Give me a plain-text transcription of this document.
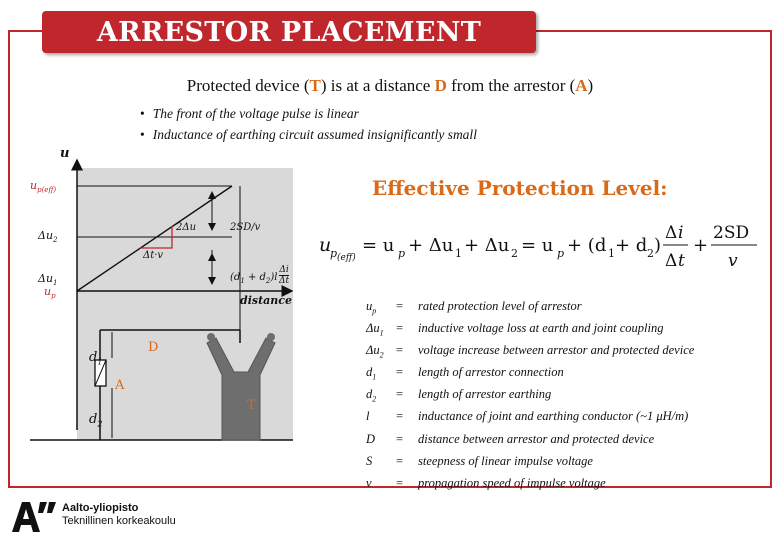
ARRESTOR PLACEMENT
Protected device (T) is at a distance D from the arrestor (A)
• The front of the voltage pulse is linear
• Inductance of earthing circuit assumed insignificantly small
u
$u_{p(eff)}$
$\Delta u_2$
2Δu	2SD/v
Δt·v
$\Delta u_1$
$u_p$
$(d_1 + d_2)l \frac{\Delta i}{\Delta t}$
distance
$d_1$
$d_2$
D
A
T
Effective Protection Level:
u
p (eff)
= u p + Δu 1 + Δu 2 = u p + (d 1 + d 2 )
Δ i
Δ t
+
2SD
v
$u_p$	=	rated protection level of arrestor
$\Delta u_1$ =	inductive voltage loss at earth and joint coupling
$\Delta u_2$ =	voltage increase between arrestor and protected device
$d_1$	=	length of arrestor connection
$d_2$	=	length of arrestor earthing
l	=	inductance of joint and earthing conductor (~1 μH/m)
D	=	distance between arrestor and protected device
S	=	steepness of linear impulse voltage
v	=	propagation speed of impulse voltage
Aalto-yliopisto
Teknillinen korkeakoulu
